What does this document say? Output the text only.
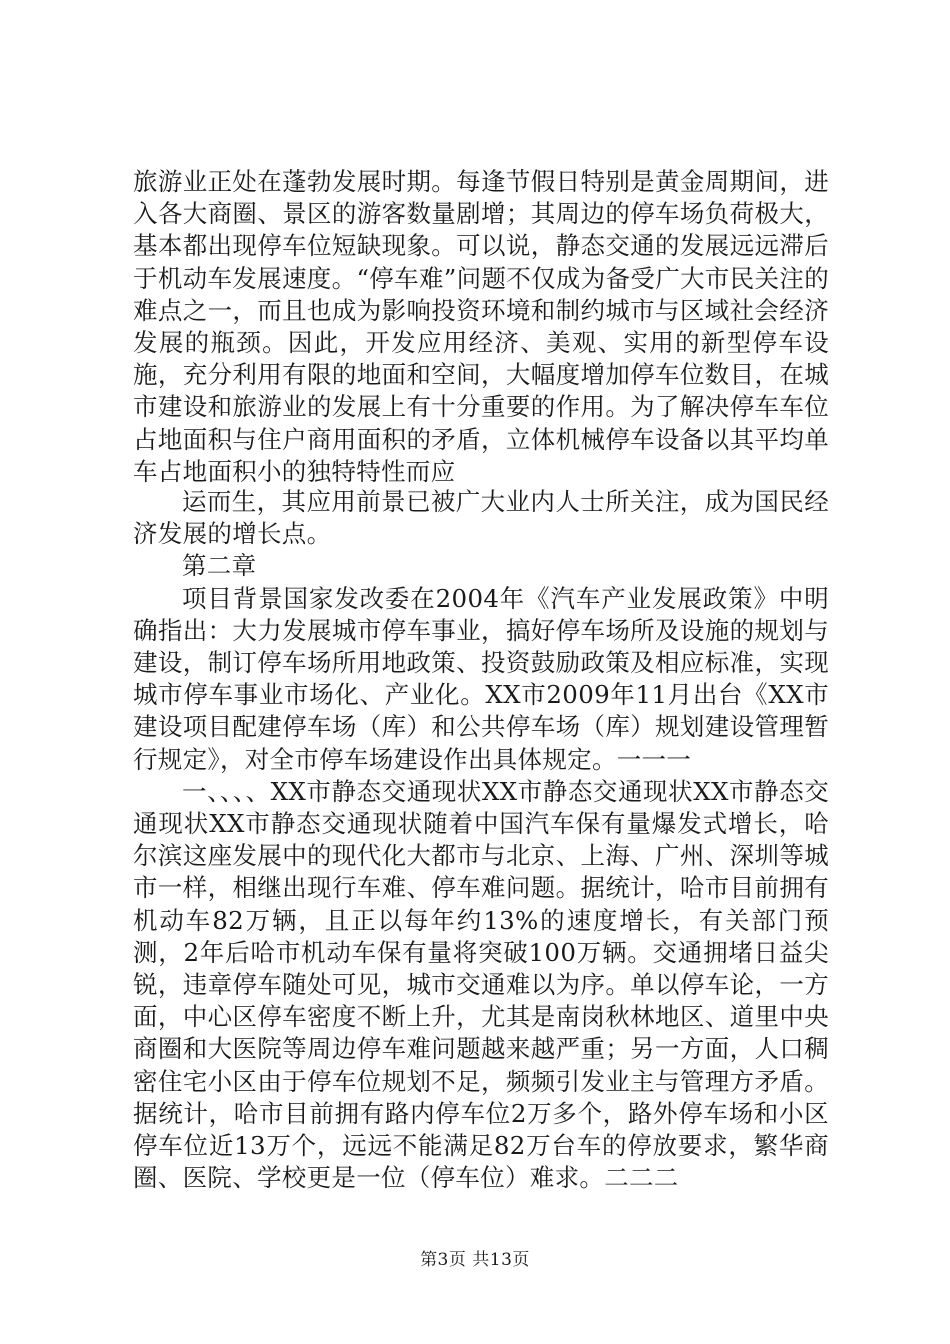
旅游业正处在蓬勃发展时期。每逢节假日特别是黄金周期间，进入各大商圈、景区的游客数量剧增；其周边的停车场负荷极大，基本都出现停车位短缺现象。可以说，静态交通的发展远远滞后于机动车发展速度。“停车难”问题不仅成为备受广大市民关注的难点之一，而且也成为影响投资环境和制约城市与区域社会经济发展的瓶颈。因此，开发应用经济、美观、实用的新型停车设施，充分利用有限的地面和空间，大幅度增加停车位数目，在城市建设和旅游业的发展上有十分重要的作用。为了解决停车车位占地面积与住户商用面积的矛盾，立体机械停车设备以其平均单车占地面积小的独特特性而应

运而生，其应用前景已被广大业内人士所关注，成为国民经济发展的增长点。

第二章

项目背景国家发改委在2004年《汽车产业发展政策》中明确指出：大力发展城市停车事业，搞好停车场所及设施的规划与建设，制订停车场所用地政策、投资鼓励政策及相应标准，实现城市停车事业市场化、产业化。XX市2009年11月出台《XX市建设项目配建停车场（库）和公共停车场（库）规划建设管理暂行规定》，对全市停车场建设作出具体规定。一一一

一、、、、XX市静态交通现状XX市静态交通现状XX市静态交通现状XX市静态交通现状随着中国汽车保有量爆发式增长，哈尔滨这座发展中的现代化大都市与北京、上海、广州、深圳等城市一样，相继出现行车难、停车难问题。据统计，哈市目前拥有机动车82万辆，且正以每年约13%的速度增长，有关部门预测，2年后哈市机动车保有量将突破100万辆。交通拥堵日益尖锐，违章停车随处可见，城市交通难以为序。单以停车论，一方面，中心区停车密度不断上升，尤其是南岗秋林地区、道里中央商圈和大医院等周边停车难问题越来越严重；另一方面，人口稠密住宅小区由于停车位规划不足，频频引发业主与管理方矛盾。据统计，哈市目前拥有路内停车位2万多个，路外停车场和小区停车位近13万个，远远不能满足82万台车的停放要求，繁华商圈、医院、学校更是一位（停车位）难求。二二二

第3页 共13页
